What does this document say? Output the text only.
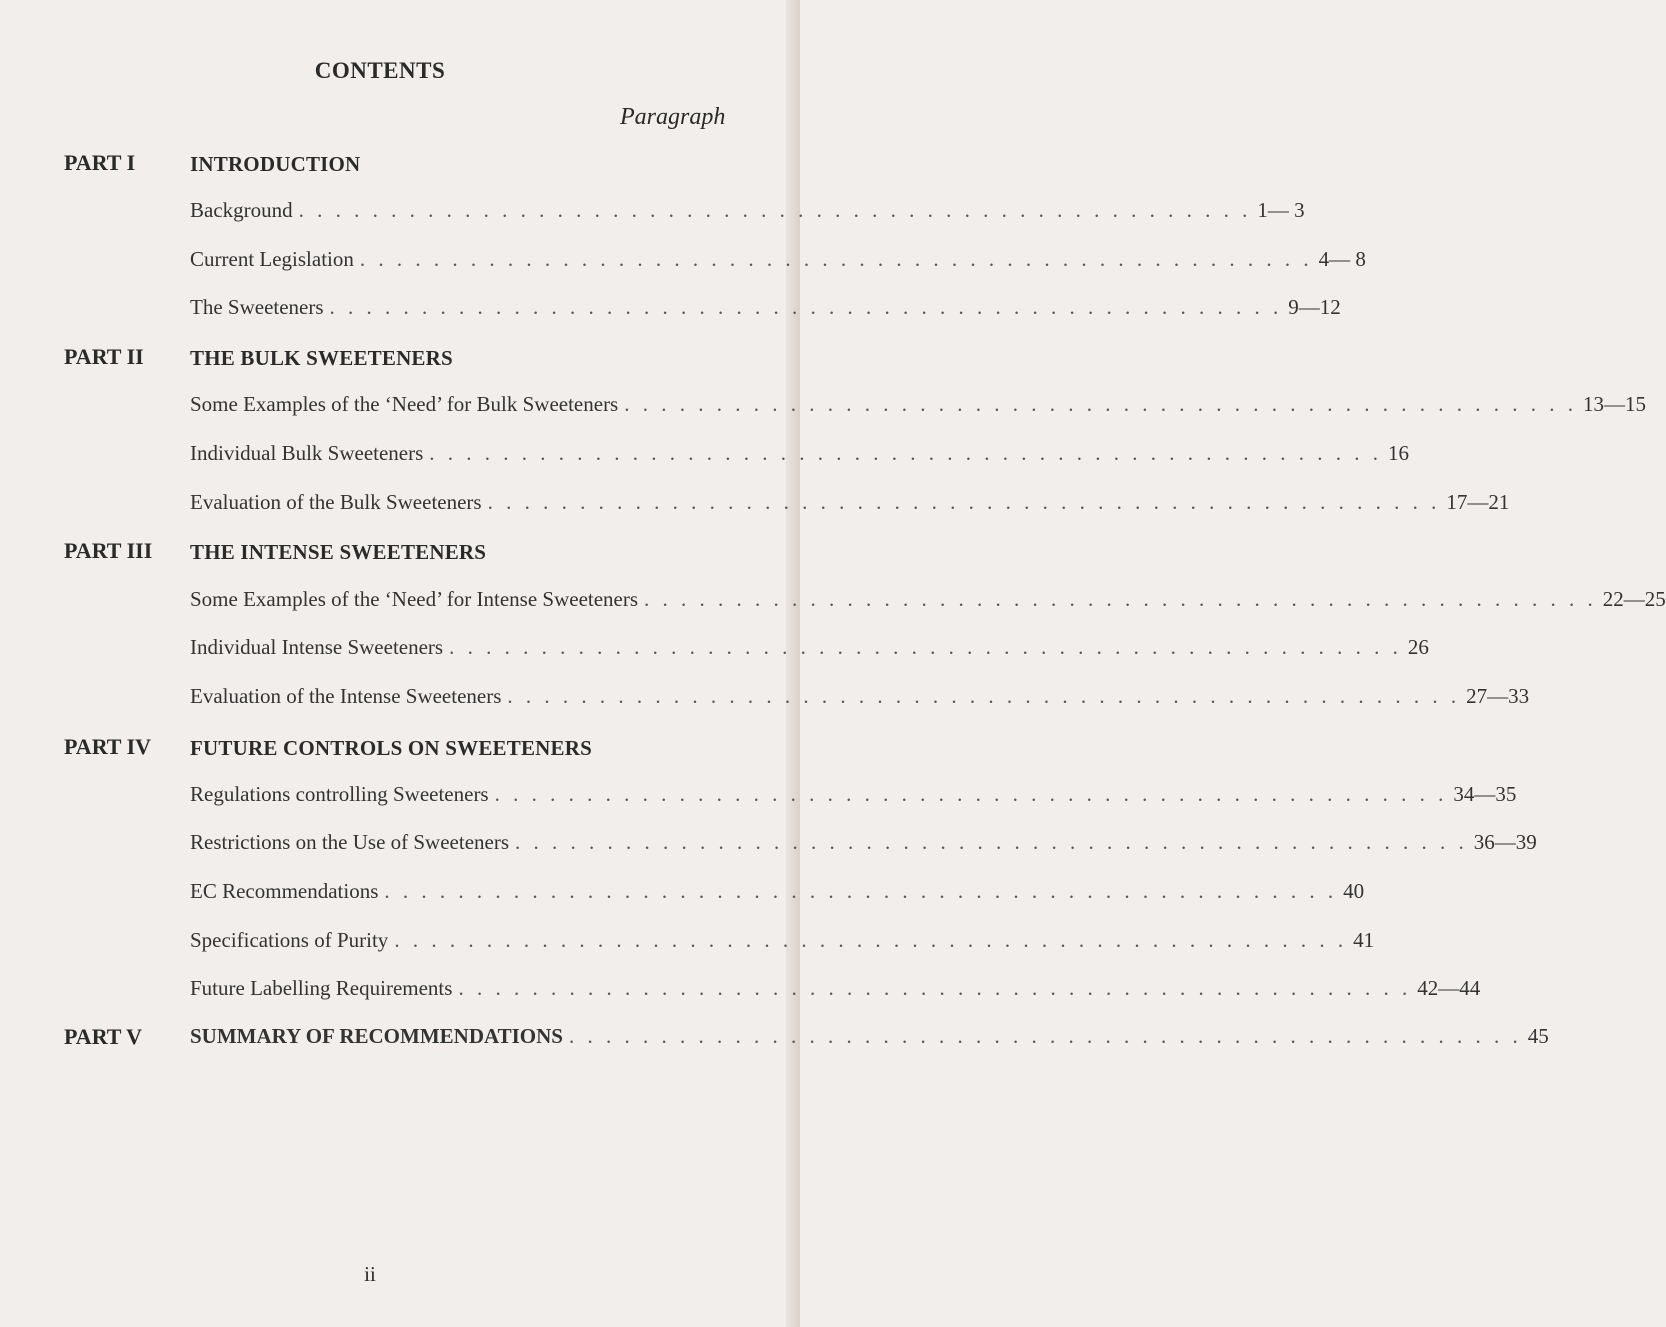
CONTENTS
Paragraph
PART I	INTRODUCTION
Background . . . . . . . . . . . . . . . . . . . . . . . . . . . . . . . . . . . . . . . . . . . . . . . . . . . . 1— 3
Current Legislation . . . . . . . . . . . . . . . . . . . . . . . . . . . . . . . . . . . . . . . . . . . . . . . . . . . . 4— 8
The Sweeteners . . . . . . . . . . . . . . . . . . . . . . . . . . . . . . . . . . . . . . . . . . . . . . . . . . . . 9—12
PART II THE BULK SWEETENERS
Some Examples of the ‘Need’ for Bulk Sweeteners . . . . . . . . . . . . . . . . . . . . . . . . . . . . . . . . . . . . . . . . . . . . . . . . . . . . 13—15
Individual Bulk Sweeteners . . . . . . . . . . . . . . . . . . . . . . . . . . . . . . . . . . . . . . . . . . . . . . . . . . . . 16
Evaluation of the Bulk Sweeteners . . . . . . . . . . . . . . . . . . . . . . . . . . . . . . . . . . . . . . . . . . . . . . . . . . . . 17—21
PART III THE INTENSE SWEETENERS
Some Examples of the ‘Need’ for Intense Sweeteners . . . . . . . . . . . . . . . . . . . . . . . . . . . . . . . . . . . . . . . . . . . . . . . . . . . . 22—25
Individual Intense Sweeteners . . . . . . . . . . . . . . . . . . . . . . . . . . . . . . . . . . . . . . . . . . . . . . . . . . . . 26
Evaluation of the Intense Sweeteners . . . . . . . . . . . . . . . . . . . . . . . . . . . . . . . . . . . . . . . . . . . . . . . . . . . . 27—33
PART IV FUTURE CONTROLS ON SWEETENERS
Regulations controlling Sweeteners . . . . . . . . . . . . . . . . . . . . . . . . . . . . . . . . . . . . . . . . . . . . . . . . . . . . 34—35
Restrictions on the Use of Sweeteners . . . . . . . . . . . . . . . . . . . . . . . . . . . . . . . . . . . . . . . . . . . . . . . . . . . . 36—39
EC Recommendations . . . . . . . . . . . . . . . . . . . . . . . . . . . . . . . . . . . . . . . . . . . . . . . . . . . . 40
Specifications of Purity . . . . . . . . . . . . . . . . . . . . . . . . . . . . . . . . . . . . . . . . . . . . . . . . . . . . 41
Future Labelling Requirements . . . . . . . . . . . . . . . . . . . . . . . . . . . . . . . . . . . . . . . . . . . . . . . . . . . . 42—44
PART V SUMMARY OF RECOMMENDATIONS . . . . . . . . . . . . . . . . . . . . . . . . . . . . . . . . . . . . . . . . . . . . . . . . . . . . 45
ii
